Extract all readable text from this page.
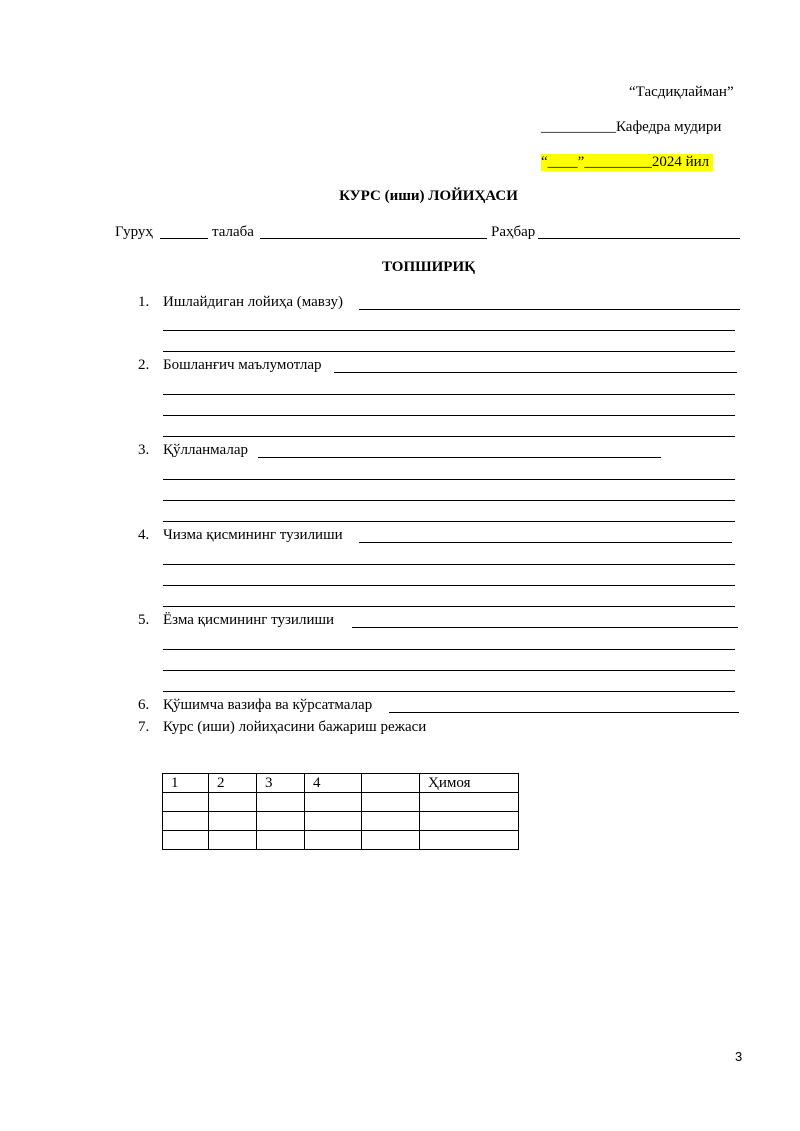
“Тасдиқлайман”
__________Кафедра мудири
“____”_________2024 йил
КУРС (иши) ЛОЙИҲАСИ
Гуруҳ	талаба	Раҳбар
ТОПШИРИҚ
1. Ишлайдиган лойиҳа (мавзу)
2. Бошланғич маълумотлар
3. Қўлланмалар
4. Чизма қисмининг тузилиши
5. Ёзма қисмининг тузилиши
6. Қўшимча вазифа ва кўрсатмалар
7. Курс (иши) лойиҳасини бажариш режаси
1	2	3	4		Ҳимоя

3
